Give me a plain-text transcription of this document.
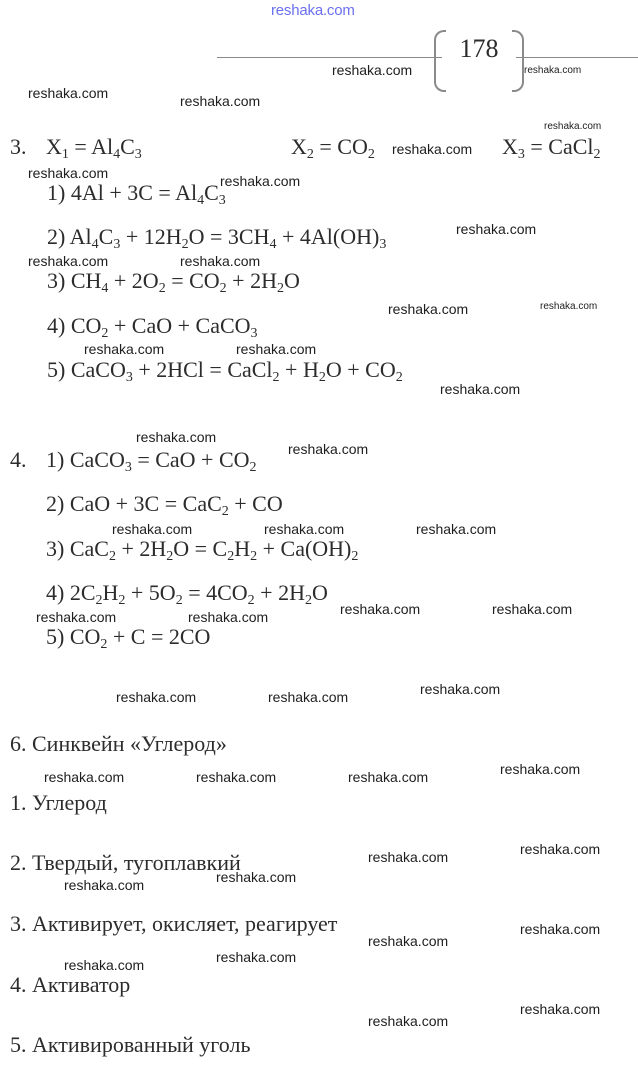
reshaka.com
178
3. $X_1 = Al_4C_3$	$X_2 = CO_2$	$X_3$ = CaCl$_2$
1) $4Al + 3C = Al_4C_3$
2) $Al_4C_3 + 12H_2O = 3CH_4 + 4Al(OH)_3$
3) $CH_4 + 2O_2 = CO_2 + 2H_2O$
4) $CO_2$ + CaO + CaCO$_3$
5) CaCO$_3$ + 2HCl = CaCl$_2$ + $H_2O + CO_2$
4. 1) CaCO$_3$ = CaO + $CO_2$
2) CaO + 3C = CaC$_2$ + CO
3) $CaC_2 + 2H_2O = C_2H_2 + Ca(OH)_2$
4) $2C_2H_2 + 5O_2 = 4CO_2 + 2H_2O$
5) $CO_2 + C = 2CO$
6. Синквейн «Углерод»
1. Углерод
2. Твердый, тугоплавкий
3. Активирует, окисляет, реагирует
4. Активатор
5. Активированный уголь
reshaka.com	reshaka.com
reshaka.com	reshaka.com
reshaka.com
reshaka.com
reshaka.com	reshaka.com
reshaka.com
reshaka.com	reshaka.com
reshaka.com	reshaka.com
reshaka.com	reshaka.com
reshaka.com
reshaka.com
reshaka.com
reshaka.com	reshaka.com	reshaka.com
reshaka.com	reshaka.com
reshaka.com	reshaka.com
reshaka.com
reshaka.com	reshaka.com
reshaka.com
reshaka.com	reshaka.com	reshaka.com
reshaka.com
reshaka.com
reshaka.com
reshaka.com
reshaka.com
reshaka.com
reshaka.com
reshaka.com
reshaka.com
reshaka.com
